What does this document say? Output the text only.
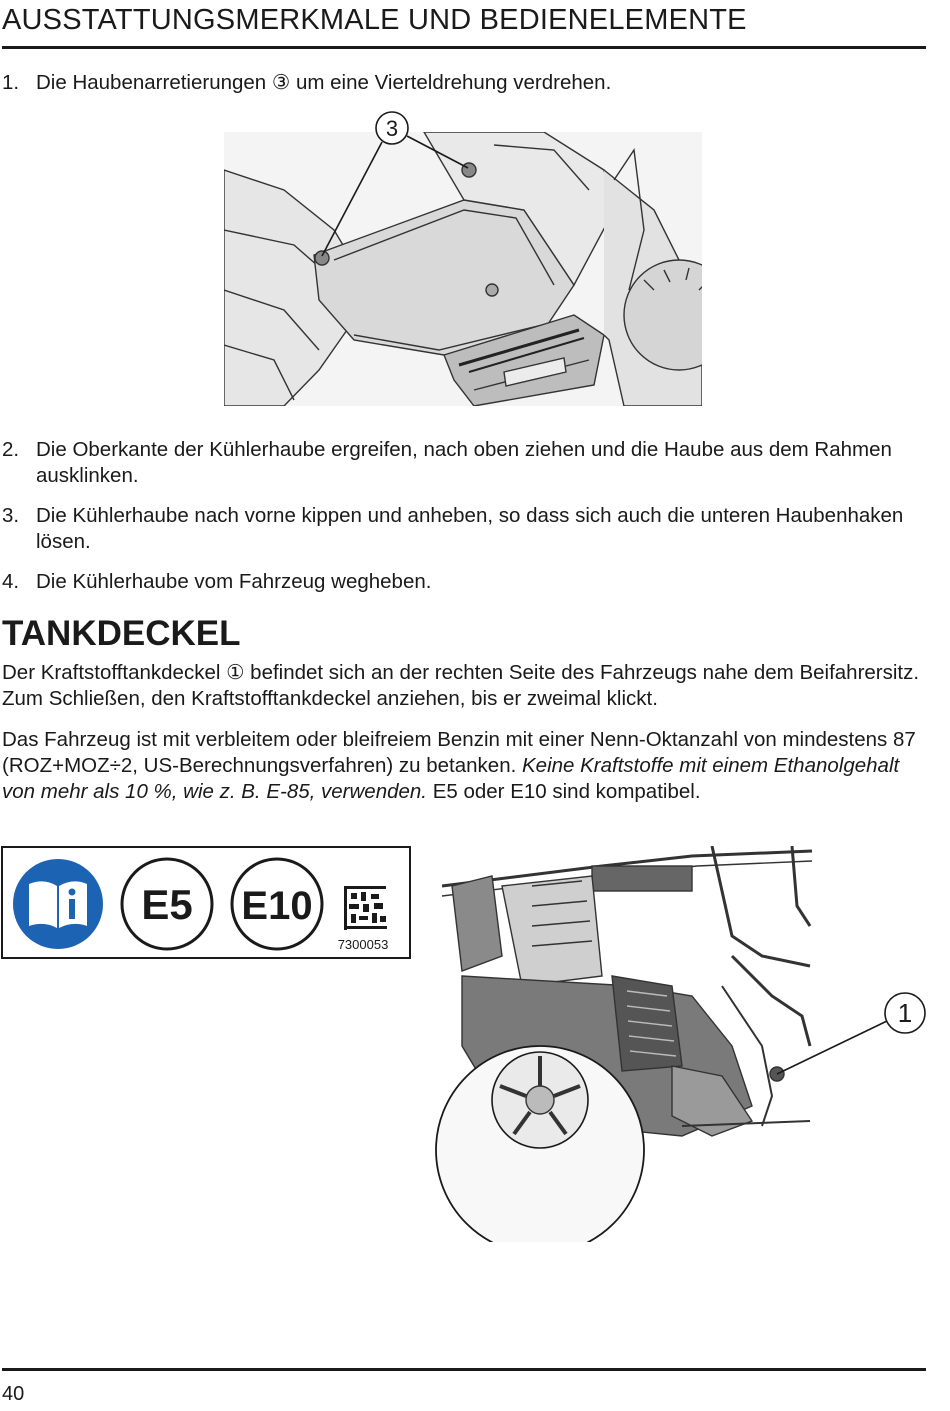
AUSSTATTUNGSMERKMALE UND BEDIENELEMENTE
1. Die Haubenarretierungen ③ um eine Vierteldrehung verdrehen.
3
2. Die Oberkante der Kühlerhaube ergreifen, nach oben ziehen und die Haube aus dem Rahmen ausklinken.
3. Die Kühlerhaube nach vorne kippen und anheben, so dass sich auch die unteren Haubenhaken lösen.
4. Die Kühlerhaube vom Fahrzeug wegheben.
TANKDECKEL
Der Kraftstofftankdeckel ① befindet sich an der rechten Seite des Fahrzeugs nahe dem Beifahrersitz. Zum Schließen, den Kraftstofftankdeckel anziehen, bis er zweimal klickt.
Das Fahrzeug ist mit verbleitem oder bleifreiem Benzin mit einer Nenn-Oktanzahl von mindestens 87 (ROZ+MOZ÷2, US-Berechnungsverfahren) zu betanken. Keine Kraftstoffe mit einem Ethanolgehalt von mehr als 10 %, wie z. B. E-85, verwenden. E5 oder E10 sind kompatibel.
E5 E10
7300053
1
40
